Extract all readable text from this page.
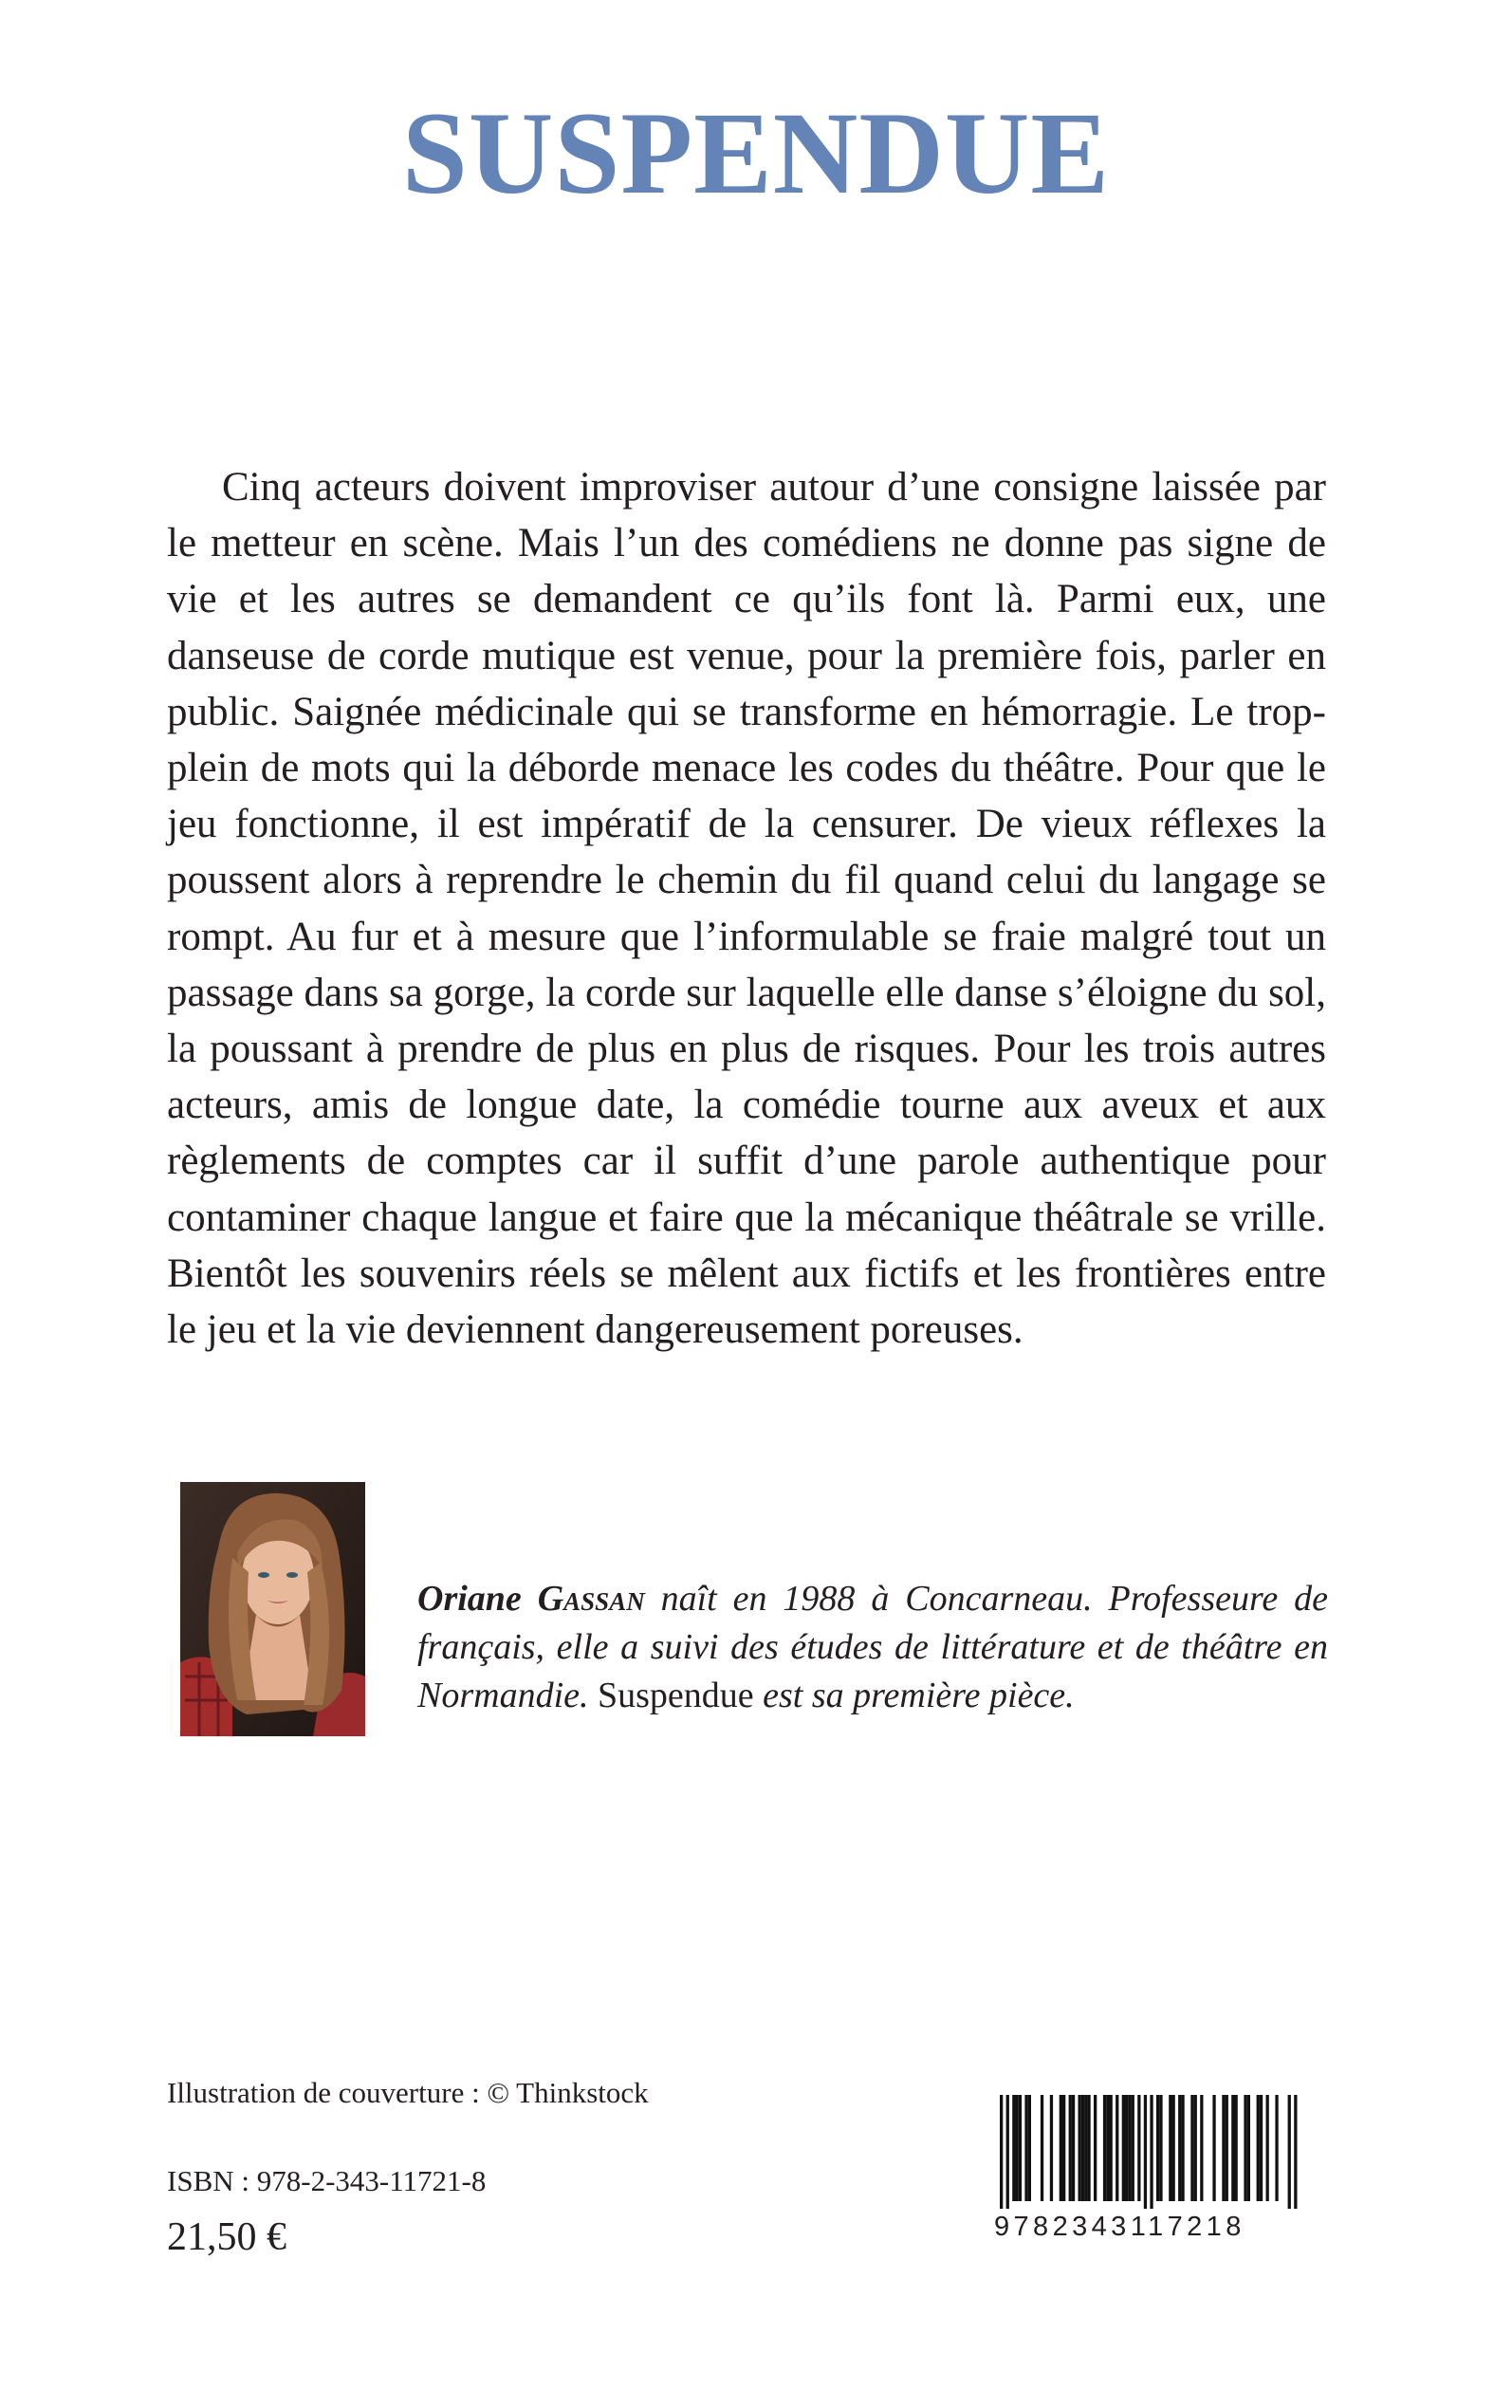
SUSPENDUE

Cinq acteurs doivent improviser autour d’une consigne laissée par le metteur en scène. Mais l’un des comédiens ne donne pas signe de vie et les autres se demandent ce qu’ils font là. Parmi eux, une danseuse de corde mutique est venue, pour la première fois, parler en public. Saignée médicinale qui se transforme en hémorragie. Le trop-plein de mots qui la déborde menace les codes du théâtre. Pour que le jeu fonctionne, il est impératif de la censurer. De vieux réflexes la poussent alors à reprendre le chemin du fil quand celui du langage se rompt. Au fur et à mesure que l’informulable se fraie malgré tout un passage dans sa gorge, la corde sur laquelle elle danse s’éloigne du sol, la poussant à prendre de plus en plus de risques. Pour les trois autres acteurs, amis de longue date, la comédie tourne aux aveux et aux règlements de comptes car il suffit d’une parole authentique pour contaminer chaque langue et faire que la mécanique théâtrale se vrille. Bientôt les souvenirs réels se mêlent aux fictifs et les frontières entre le jeu et la vie deviennent dangereusement poreuses.

Oriane Gassan naît en 1988 à Concarneau. Professeure de français, elle a suivi des études de littérature et de théâtre en Normandie. Suspendue est sa première pièce.

Illustration de couverture : © Thinkstock

ISBN : 978-2-343-11721-8

21,50 €	9782343117218
